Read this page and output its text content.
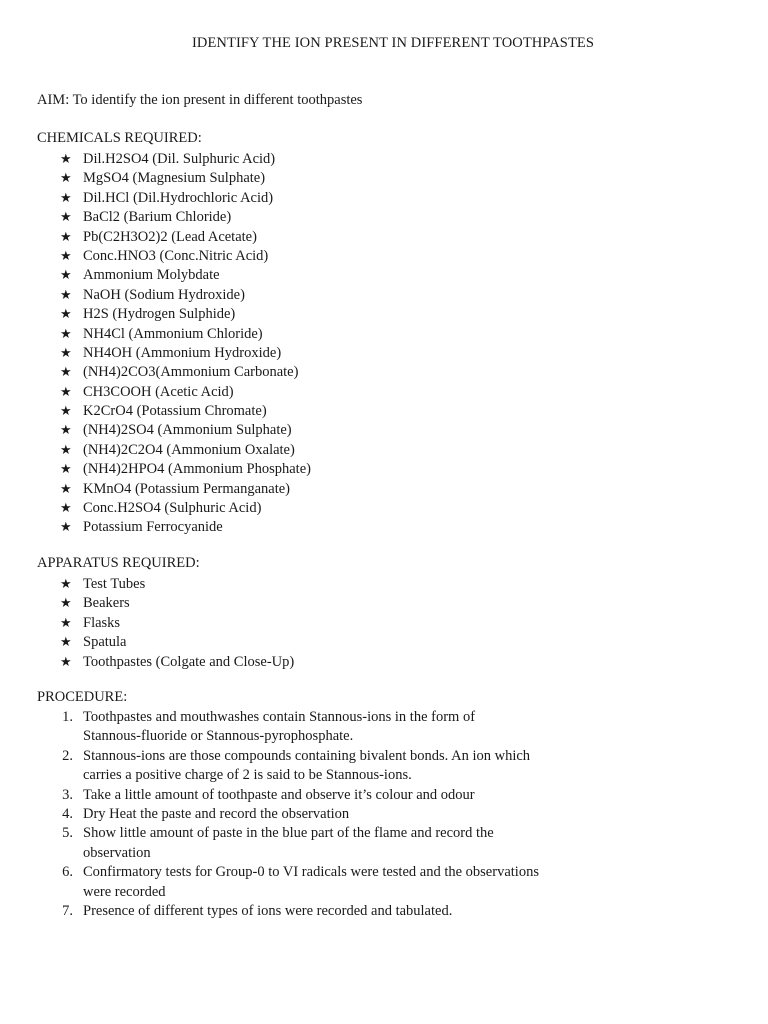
IDENTIFY THE ION PRESENT IN DIFFERENT TOOTHPASTES
AIM: To identify the ion present in different toothpastes
CHEMICALS REQUIRED:
★ Dil.H2SO4 (Dil. Sulphuric Acid)
★ MgSO4 (Magnesium Sulphate)
★ Dil.HCl (Dil.Hydrochloric Acid)
★ BaCl2 (Barium Chloride)
★ Pb(C2H3O2)2 (Lead Acetate)
★ Conc.HNO3 (Conc.Nitric Acid)
★ Ammonium Molybdate
★ NaOH (Sodium Hydroxide)
★ H2S (Hydrogen Sulphide)
★ NH4Cl (Ammonium Chloride)
★ NH4OH (Ammonium Hydroxide)
★ (NH4)2CO3(Ammonium Carbonate)
★ CH3COOH (Acetic Acid)
★ K2CrO4 (Potassium Chromate)
★ (NH4)2SO4 (Ammonium Sulphate)
★ (NH4)2C2O4 (Ammonium Oxalate)
★ (NH4)2HPO4 (Ammonium Phosphate)
★ KMnO4 (Potassium Permanganate)
★ Conc.H2SO4 (Sulphuric Acid)
★ Potassium Ferrocyanide
APPARATUS REQUIRED:
★ Test Tubes
★ Beakers
★ Flasks
★ Spatula
★ Toothpastes (Colgate and Close-Up)
PROCEDURE:
1. Toothpastes and mouthwashes contain Stannous-ions in the form of
Stannous-fluoride or Stannous-pyrophosphate.
2. Stannous-ions are those compounds containing bivalent bonds. An ion which
carries a positive charge of 2 is said to be Stannous-ions.
3. Take a little amount of toothpaste and observe it’s colour and odour
4. Dry Heat the paste and record the observation
5. Show little amount of paste in the blue part of the flame and record the
observation
6. Confirmatory tests for Group-0 to VI radicals were tested and the observations
were recorded
7. Presence of different types of ions were recorded and tabulated.
